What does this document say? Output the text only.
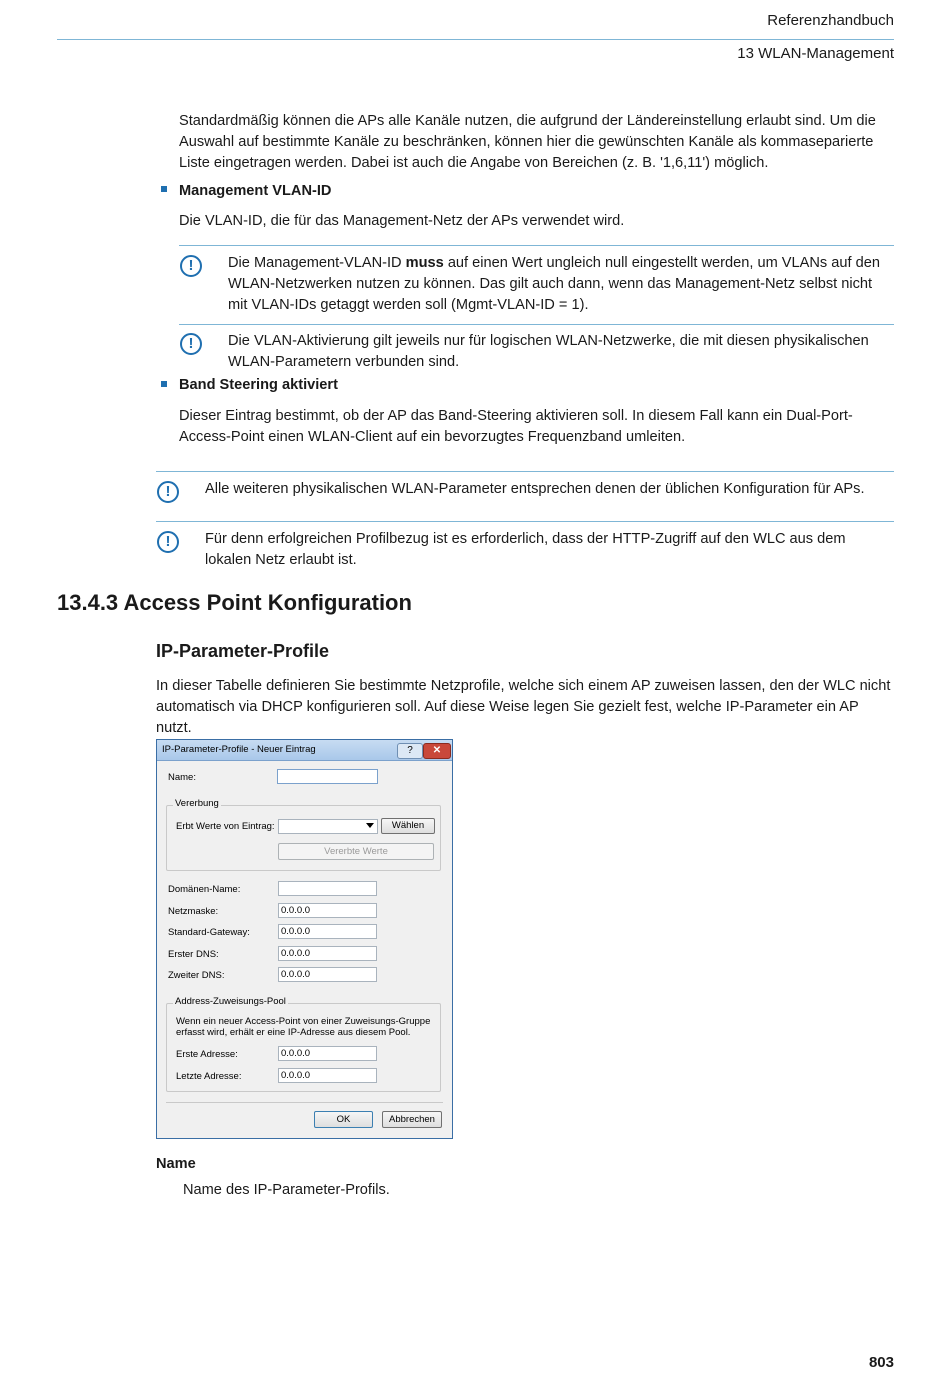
Referenzhandbuch
13 WLAN-Management
Standardmäßig können die APs alle Kanäle nutzen, die aufgrund der Ländereinstellung erlaubt sind. Um die Auswahl auf bestimmte Kanäle zu beschränken, können hier die gewünschten Kanäle als kommaseparierte Liste eingetragen werden. Dabei ist auch die Angabe von Bereichen (z. B. '1,6,11') möglich.
Management VLAN-ID
Die VLAN-ID, die für das Management-Netz der APs verwendet wird.
!	Die Management-VLAN-ID muss auf einen Wert ungleich null eingestellt werden, um VLANs auf den WLAN-Netzwerken nutzen zu können. Das gilt auch dann, wenn das Management-Netz selbst nicht mit VLAN-IDs getaggt werden soll (Mgmt-VLAN-ID = 1).
!	Die VLAN-Aktivierung gilt jeweils nur für logischen WLAN-Netzwerke, die mit diesen physikalischen WLAN-Parametern verbunden sind.
Band Steering aktiviert
Dieser Eintrag bestimmt, ob der AP das Band-Steering aktivieren soll. In diesem Fall kann ein Dual-Port-Access-Point einen WLAN-Client auf ein bevorzugtes Frequenzband umleiten.
!	Alle weiteren physikalischen WLAN-Parameter entsprechen denen der üblichen Konfiguration für APs.
!	Für denn erfolgreichen Profilbezug ist es erforderlich, dass der HTTP-Zugriff auf den WLC aus dem lokalen Netz erlaubt ist.
13.4.3 Access Point Konfiguration
IP-Parameter-Profile
In dieser Tabelle definieren Sie bestimmte Netzprofile, welche sich einem AP zuweisen lassen, den der WLC nicht automatisch via DHCP konfigurieren soll. Auf diese Weise legen Sie gezielt fest, welche IP-Parameter ein AP nutzt.
IP-Parameter-Profile - Neuer Eintrag	?	✕
Name:
Vererbung
Erbt Werte von Eintrag:	Wählen
Vererbte Werte
Domänen-Name:
Netzmaske:	0.0.0.0
Standard-Gateway:	0.0.0.0
Erster DNS:	0.0.0.0
Zweiter DNS:	0.0.0.0
Address-Zuweisungs-Pool
Wenn ein neuer Access-Point von einer Zuweisungs-Gruppe
erfasst wird, erhält er eine IP-Adresse aus diesem Pool.
Erste Adresse:	0.0.0.0
Letzte Adresse:	0.0.0.0
OK	Abbrechen
Name
Name des IP-Parameter-Profils.
803
